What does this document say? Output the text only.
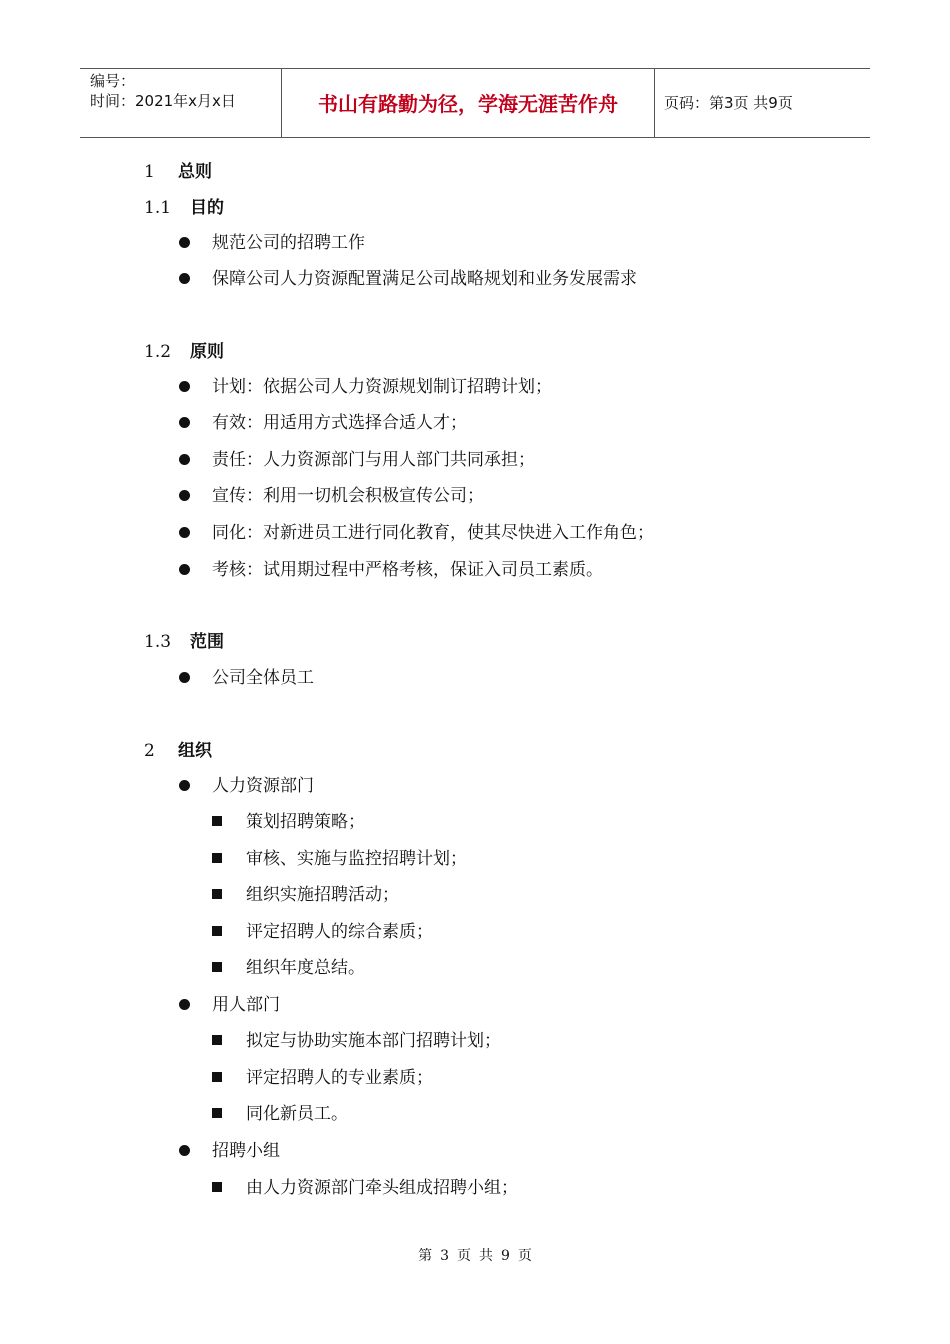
编号：
时间：2021年x月x日	书山有路勤为径，学海无涯苦作舟	页码：第3页 共9页
1 总则
1.1 目的
规范公司的招聘工作
保障公司人力资源配置满足公司战略规划和业务发展需求
1.2 原则
计划：依据公司人力资源规划制订招聘计划；
有效：用适用方式选择合适人才；
责任：人力资源部门与用人部门共同承担；
宣传：利用一切机会积极宣传公司；
同化：对新进员工进行同化教育，使其尽快进入工作角色；
考核：试用期过程中严格考核，保证入司员工素质。
1.3 范围
公司全体员工
2 组织
人力资源部门
策划招聘策略；
审核、实施与监控招聘计划；
组织实施招聘活动；
评定招聘人的综合素质；
组织年度总结。
用人部门
拟定与协助实施本部门招聘计划；
评定招聘人的专业素质；
同化新员工。
招聘小组
由人力资源部门牵头组成招聘小组；
第 3 页 共 9 页
